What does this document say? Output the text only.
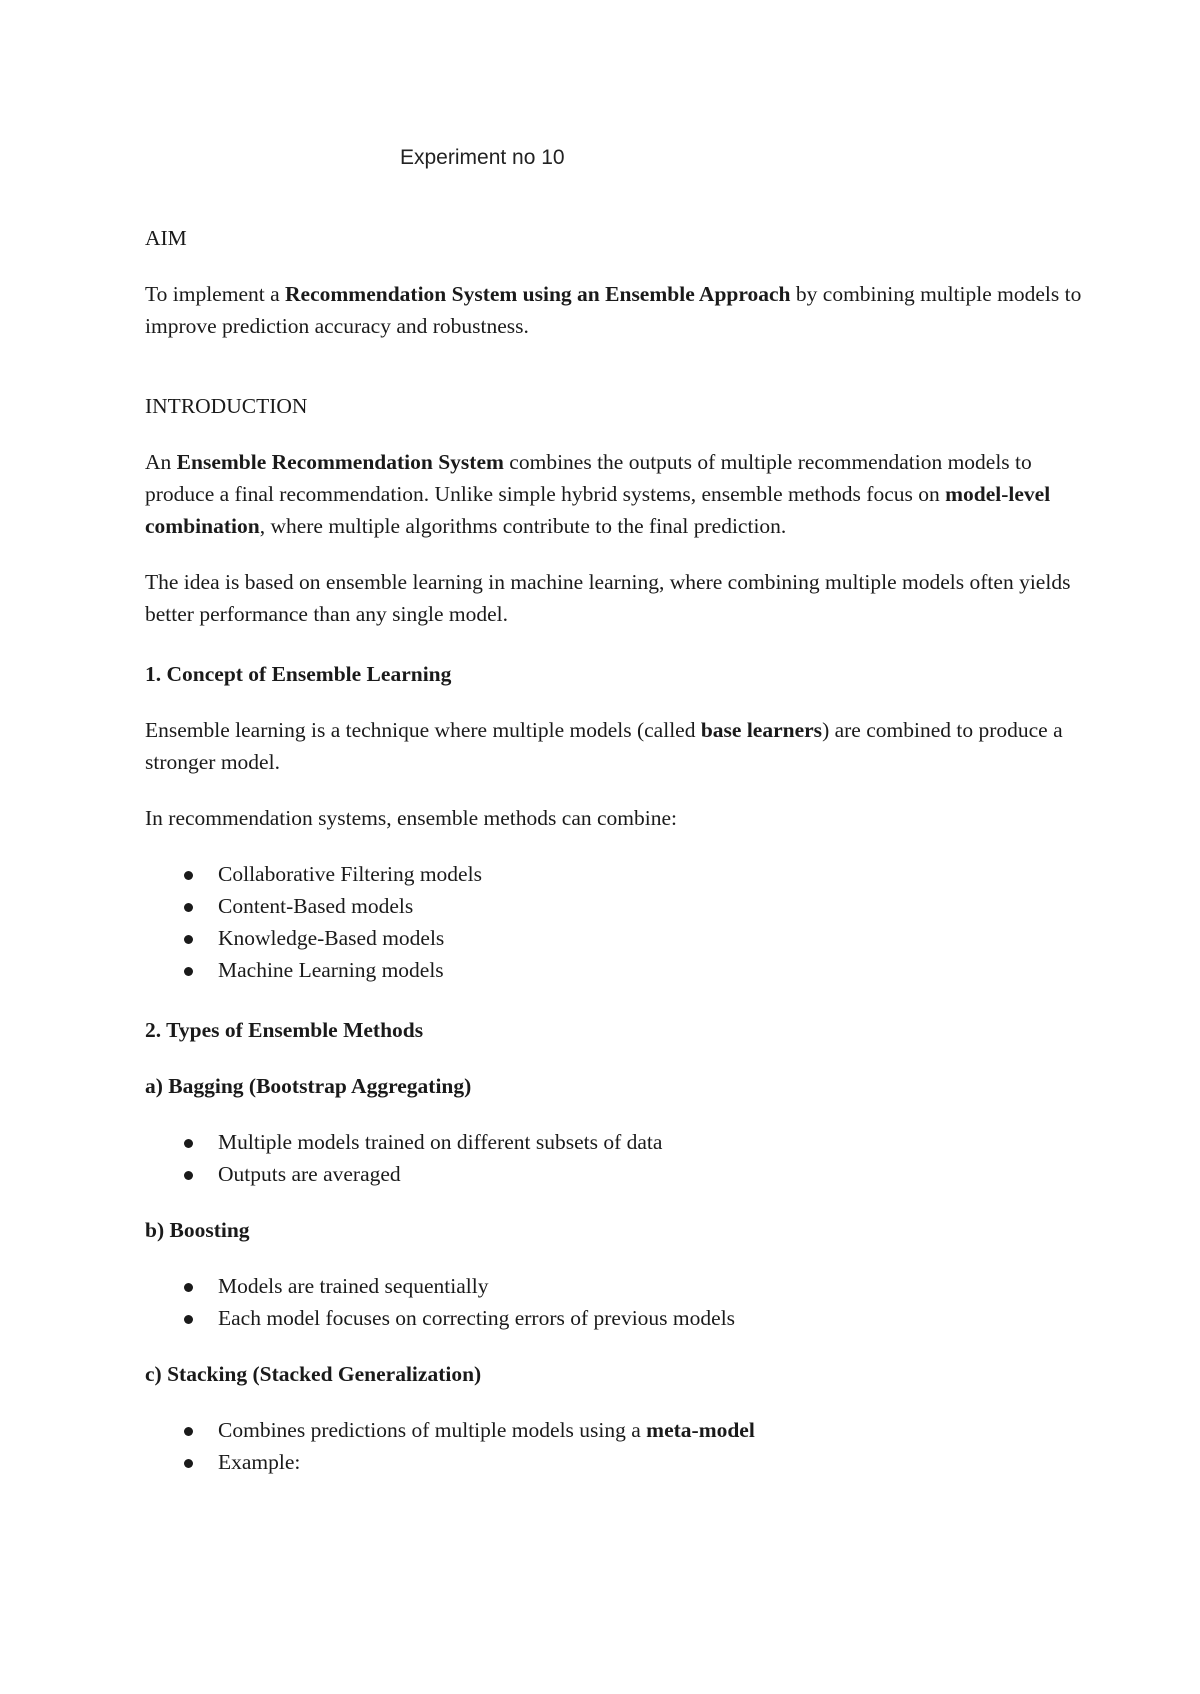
Experiment no 10

AIM

To implement a Recommendation System using an Ensemble Approach by combining multiple models to improve prediction accuracy and robustness.

INTRODUCTION

An Ensemble Recommendation System combines the outputs of multiple recommendation models to produce a final recommendation. Unlike simple hybrid systems, ensemble methods focus on model-level combination, where multiple algorithms contribute to the final prediction.

The idea is based on ensemble learning in machine learning, where combining multiple models often yields better performance than any single model.

1. Concept of Ensemble Learning

Ensemble learning is a technique where multiple models (called base learners) are combined to produce a stronger model.

In recommendation systems, ensemble methods can combine:

Collaborative Filtering models
Content-Based models
Knowledge-Based models
Machine Learning models

2. Types of Ensemble Methods

a) Bagging (Bootstrap Aggregating)

Multiple models trained on different subsets of data
Outputs are averaged

b) Boosting

Models are trained sequentially
Each model focuses on correcting errors of previous models

c) Stacking (Stacked Generalization)

Combines predictions of multiple models using a meta-model
Example:
